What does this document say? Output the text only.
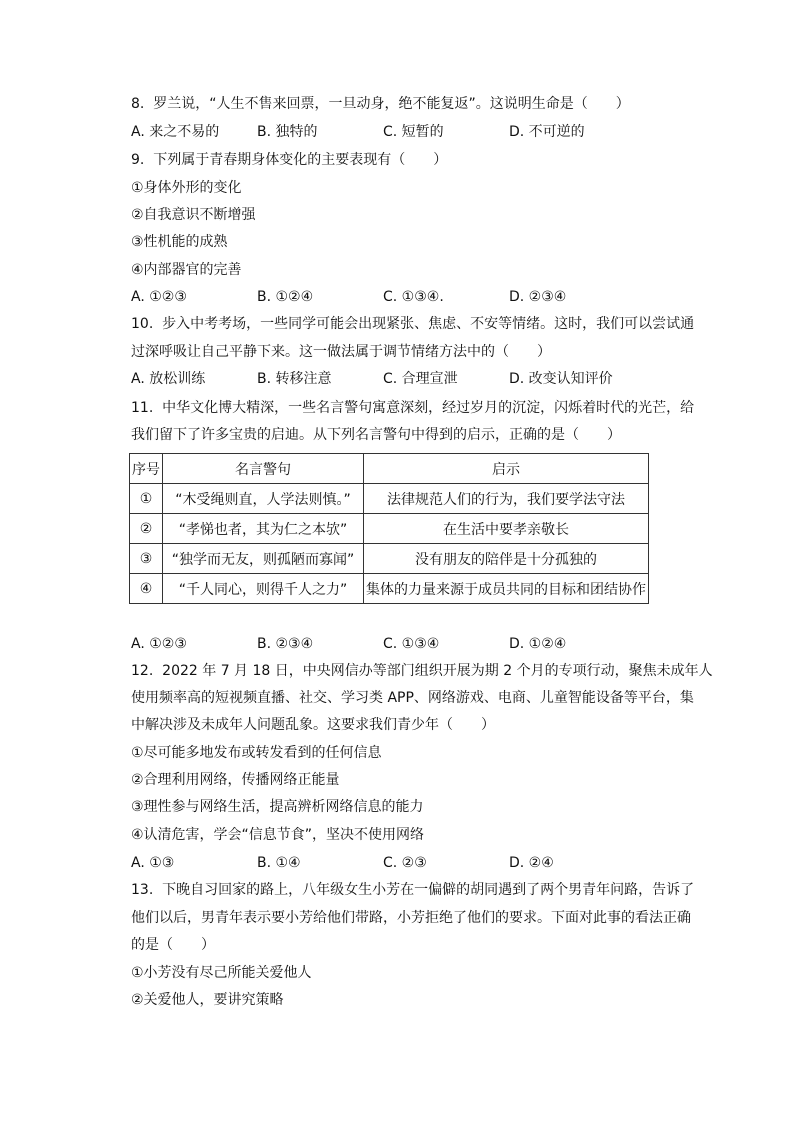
8.  罗兰说，“人生不售来回票，一旦动身，绝不能复返”。这说明生命是（　　）
A. 来之不易的	B. 独特的	C. 短暂的	D. 不可逆的
9.  下列属于青春期身体变化的主要表现有（　　）
①身体外形的变化
②自我意识不断增强
③性机能的成熟
④内部器官的完善
A. ①②③	B. ①②④	C. ①③④.	D. ②③④
10.  步入中考考场，一些同学可能会出现紧张、焦虑、不安等情绪。这时，我们可以尝试通
过深呼吸让自己平静下来。这一做法属于调节情绪方法中的（　　）
A. 放松训练	B. 转移注意	C. 合理宣泄	D. 改变认知评价
11.  中华文化博大精深，一些名言警句寓意深刻，经过岁月的沉淀，闪烁着时代的光芒，给
我们留下了许多宝贵的启迪。从下列名言警句中得到的启示，正确的是（　　）
序号	名言警句	启示
①	“木受绳则直，人学法则慎。”	法律规范人们的行为，我们要学法守法
②	“孝悌也者，其为仁之本欤”	在生活中要孝亲敬长
③	“独学而无友，则孤陋而寡闻”	没有朋友的陪伴是十分孤独的
④	“千人同心，则得千人之力”	集体的力量来源于成员共同的目标和团结协作
A. ①②③	B. ②③④	C. ①③④	D. ①②④
12.  2022 年 7 月 18 日，中央网信办等部门组织开展为期 2 个月的专项行动，聚焦未成年人
使用频率高的短视频直播、社交、学习类 APP、网络游戏、电商、儿童智能设备等平台，集
中解决涉及未成年人问题乱象。这要求我们青少年（　　）
①尽可能多地发布或转发看到的任何信息
②合理利用网络，传播网络正能量
③理性参与网络生活，提高辨析网络信息的能力
④认清危害，学会“信息节食”，坚决不使用网络
A. ①③	B. ①④	C. ②③	D. ②④
13.  下晚自习回家的路上，八年级女生小芳在一偏僻的胡同遇到了两个男青年问路，告诉了
他们以后，男青年表示要小芳给他们带路，小芳拒绝了他们的要求。下面对此事的看法正确
的是（　　）
①小芳没有尽己所能关爱他人
②关爱他人，要讲究策略
